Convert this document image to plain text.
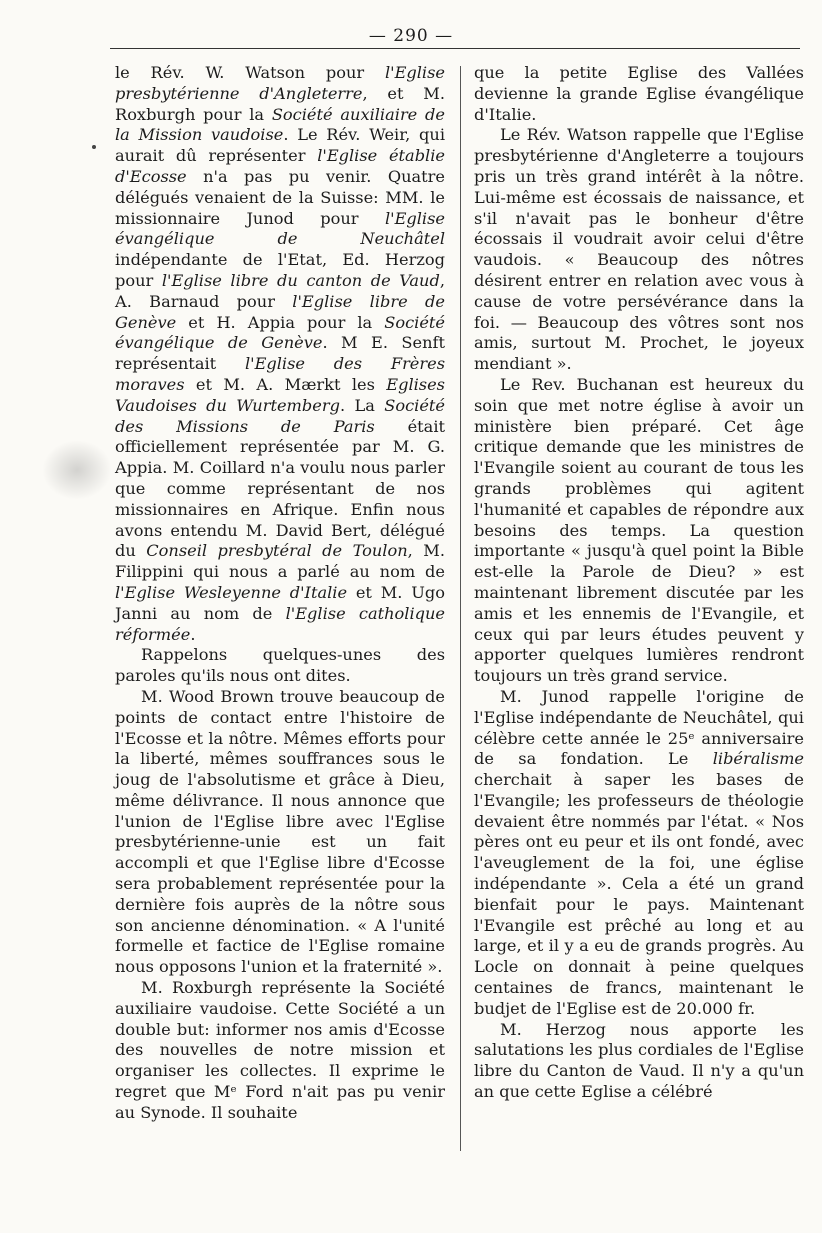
— 290 —

le Rév. W. Watson pour l'Eglise presbytérienne d'Angleterre, et M. Roxburgh pour la Société auxiliaire de la Mission vaudoise. Le Rév. Weir, qui aurait dû représenter l'Eglise établie d'Ecosse n'a pas pu venir. Quatre délégués venaient de la Suisse: MM. le missionnaire Junod pour l'Eglise évangélique de Neuchâtel indépendante de l'Etat, Ed. Herzog pour l'Eglise libre du canton de Vaud, A. Barnaud pour l'Eglise libre de Genève et H. Appia pour la Société évangélique de Genève. M E. Senft représentait l'Eglise des Frères moraves et M. A. Mærkt les Eglises Vaudoises du Wurtemberg. La Société des Missions de Paris était officiellement représentée par M. G. Appia. M. Coillard n'a voulu nous parler que comme représentant de nos missionnaires en Afrique. Enfin nous avons entendu M. David Bert, délégué du Conseil presbytéral de Toulon, M. Filippini qui nous a parlé au nom de l'Eglise Wesleyenne d'Italie et M. Ugo Janni au nom de l'Eglise catholique réformée.

Rappelons quelques-unes des paroles qu'ils nous ont dites.

M. Wood Brown trouve beaucoup de points de contact entre l'histoire de l'Ecosse et la nôtre. Mêmes efforts pour la liberté, mêmes souffrances sous le joug de l'absolutisme et grâce à Dieu, même délivrance. Il nous annonce que l'union de l'Eglise libre avec l'Eglise presbytérienne-unie est un fait accompli et que l'Eglise libre d'Ecosse sera probablement représentée pour la dernière fois auprès de la nôtre sous son ancienne dénomination. « A l'unité formelle et factice de l'Eglise romaine nous opposons l'union et la fraternité ».

M. Roxburgh représente la Société auxiliaire vaudoise. Cette Société a un double but: informer nos amis d'Ecosse des nouvelles de notre mission et organiser les collectes. Il exprime le regret que Mᵉ Ford n'ait pas pu venir au Synode. Il souhaite

que la petite Eglise des Vallées devienne la grande Eglise évangélique d'Italie.

Le Rév. Watson rappelle que l'Eglise presbytérienne d'Angleterre a toujours pris un très grand intérêt à la nôtre. Lui-même est écossais de naissance, et s'il n'avait pas le bonheur d'être écossais il voudrait avoir celui d'être vaudois. « Beaucoup des nôtres désirent entrer en relation avec vous à cause de votre persévérance dans la foi. — Beaucoup des vôtres sont nos amis, surtout M. Prochet, le joyeux mendiant ».

Le Rev. Buchanan est heureux du soin que met notre église à avoir un ministère bien préparé. Cet âge critique demande que les ministres de l'Evangile soient au courant de tous les grands problèmes qui agitent l'humanité et capables de répondre aux besoins des temps. La question importante « jusqu'à quel point la Bible est-elle la Parole de Dieu? » est maintenant librement discutée par les amis et les ennemis de l'Evangile, et ceux qui par leurs études peuvent y apporter quelques lumières rendront toujours un très grand service.

M. Junod rappelle l'origine de l'Eglise indépendante de Neuchâtel, qui célèbre cette année le 25ᵉ anniversaire de sa fondation. Le libéralisme cherchait à saper les bases de l'Evangile; les professeurs de théologie devaient être nommés par l'état. « Nos pères ont eu peur et ils ont fondé, avec l'aveuglement de la foi, une église indépendante ». Cela a été un grand bienfait pour le pays. Maintenant l'Evangile est prêché au long et au large, et il y a eu de grands progrès. Au Locle on donnait à peine quelques centaines de francs, maintenant le budjet de l'Eglise est de 20.000 fr.

M. Herzog nous apporte les salutations les plus cordiales de l'Eglise libre du Canton de Vaud. Il n'y a qu'un an que cette Eglise a célébré
